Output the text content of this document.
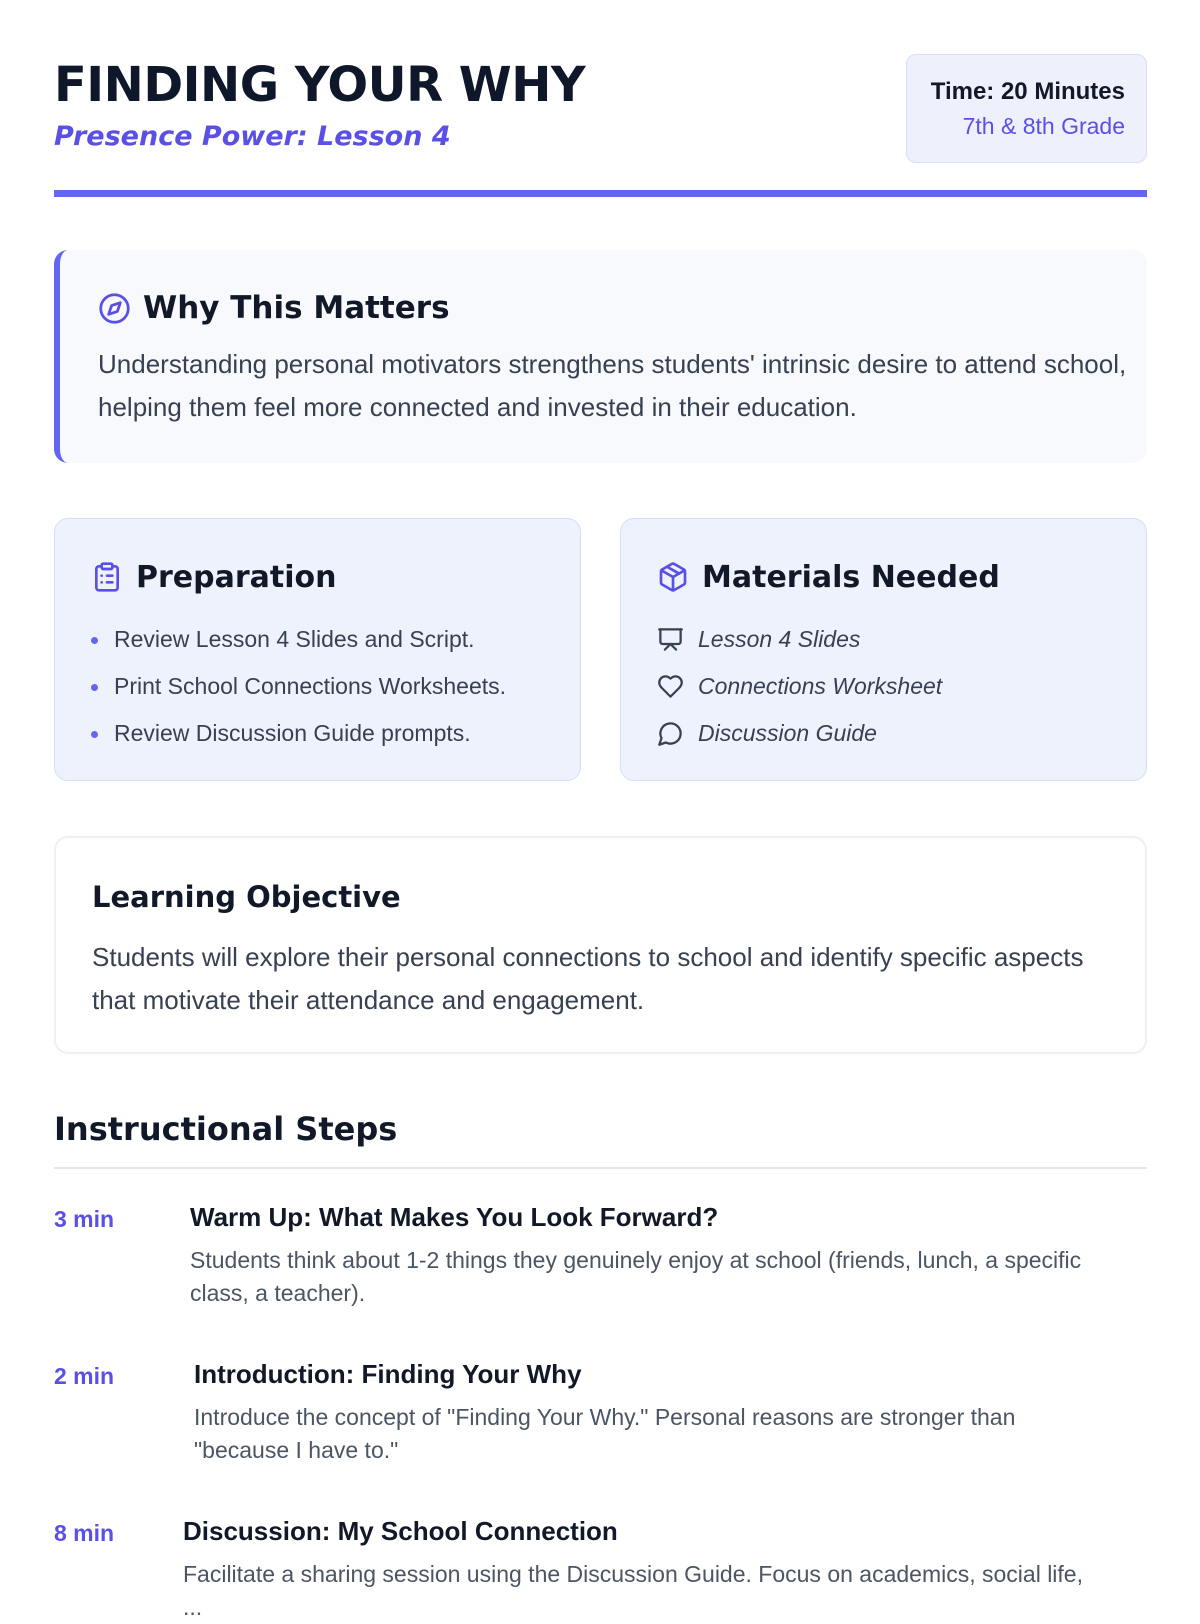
FINDING YOUR WHY
Presence Power: Lesson 4
Time: 20 Minutes
7th & 8th Grade
Why This Matters

Understanding personal motivators strengthens students' intrinsic desire to attend school, helping them feel more connected and invested in their education.

Preparation
Review Lesson 4 Slides and Script.
Print School Connections Worksheets.
Review Discussion Guide prompts.
Materials Needed
Lesson 4 Slides
Connections Worksheet
Discussion Guide
Learning Objective

Students will explore their personal connections to school and identify specific aspects that motivate their attendance and engagement.

Instructional Steps
3 min	Warm Up: What Makes You Look Forward?

Students think about 1-2 things they genuinely enjoy at school (friends, lunch, a specific class, a teacher).

2 min	Introduction: Finding Your Why

Introduce the concept of "Finding Your Why." Personal reasons are stronger than "because I have to."

8 min	Discussion: My School Connection

Facilitate a sharing session using the Discussion Guide. Focus on academics, social life, ...
